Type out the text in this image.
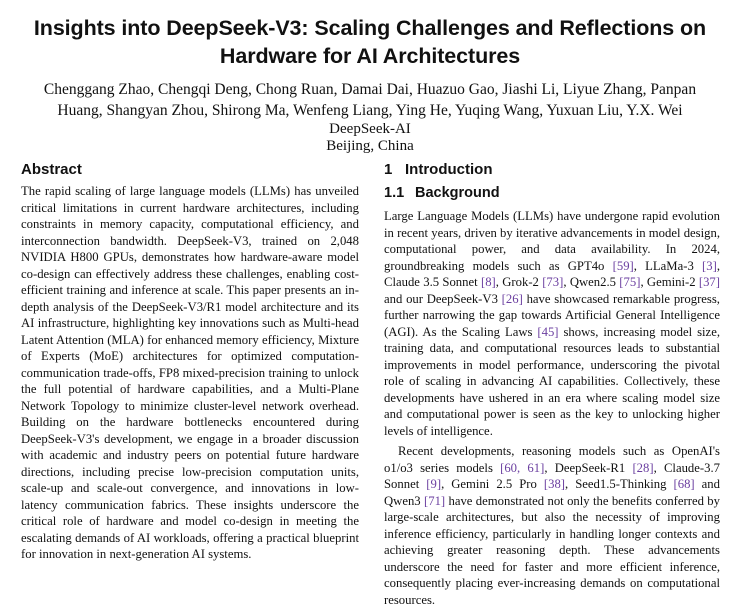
Insights into DeepSeek-V3: Scaling Challenges and Reflections on
Hardware for AI Architectures
Chenggang Zhao, Chengqi Deng, Chong Ruan, Damai Dai, Huazuo Gao, Jiashi Li, Liyue Zhang, Panpan
Huang, Shangyan Zhou, Shirong Ma, Wenfeng Liang, Ying He, Yuqing Wang, Yuxuan Liu, Y.X. Wei
DeepSeek-AI
Beijing, China
Abstract

The rapid scaling of large language models (LLMs) has unveiled critical limitations in current hardware architectures, including constraints in memory capacity, computational efficiency, and interconnection bandwidth. DeepSeek-V3, trained on 2,048 NVIDIA H800 GPUs, demonstrates how hardware-aware model co-design can effectively address these challenges, enabling cost-efficient training and inference at scale. This paper presents an in-depth analysis of the DeepSeek-V3/R1 model architecture and its AI infrastructure, highlighting key innovations such as Multi-head Latent Attention (MLA) for enhanced memory efficiency, Mixture of Experts (MoE) architectures for optimized computation-communication trade-offs, FP8 mixed-precision training to unlock the full potential of hardware capabilities, and a Multi-Plane Network Topology to minimize cluster-level network overhead. Building on the hardware bottlenecks encountered during DeepSeek-V3's development, we engage in a broader discussion with academic and industry peers on potential future hardware directions, including precise low-precision computation units, scale-up and scale-out convergence, and innovations in low-latency communication fabrics. These insights underscore the critical role of hardware and model co-design in meeting the escalating demands of AI workloads, offering a practical blueprint for innovation in next-generation AI systems.

1 Introduction
1.1 Background

Large Language Models (LLMs) have undergone rapid evolution in recent years, driven by iterative advancements in model design, computational power, and data availability. In 2024, groundbreaking models such as GPT4o [59], LLaMa-3 [3], Claude 3.5 Sonnet [8], Grok-2 [73], Qwen2.5 [75], Gemini-2 [37] and our DeepSeek-V3 [26] have showcased remarkable progress, further narrowing the gap towards Artificial General Intelligence (AGI). As the Scaling Laws [45] shows, increasing model size, training data, and computational resources leads to substantial improvements in model performance, underscoring the pivotal role of scaling in advancing AI capabilities. Collectively, these developments have ushered in an era where scaling model size and computational power is seen as the key to unlocking higher levels of intelligence.

Recent developments, reasoning models such as OpenAI's o1/o3 series models [60, 61], DeepSeek-R1 [28], Claude-3.7 Sonnet [9], Gemini 2.5 Pro [38], Seed1.5-Thinking [68] and Qwen3 [71] have demonstrated not only the benefits conferred by large-scale architectures, but also the necessity of improving inference efficiency, particularly in handling longer contexts and achieving greater reasoning depth. These advancements underscore the need for faster and more efficient inference, consequently placing ever-increasing demands on computational resources.
